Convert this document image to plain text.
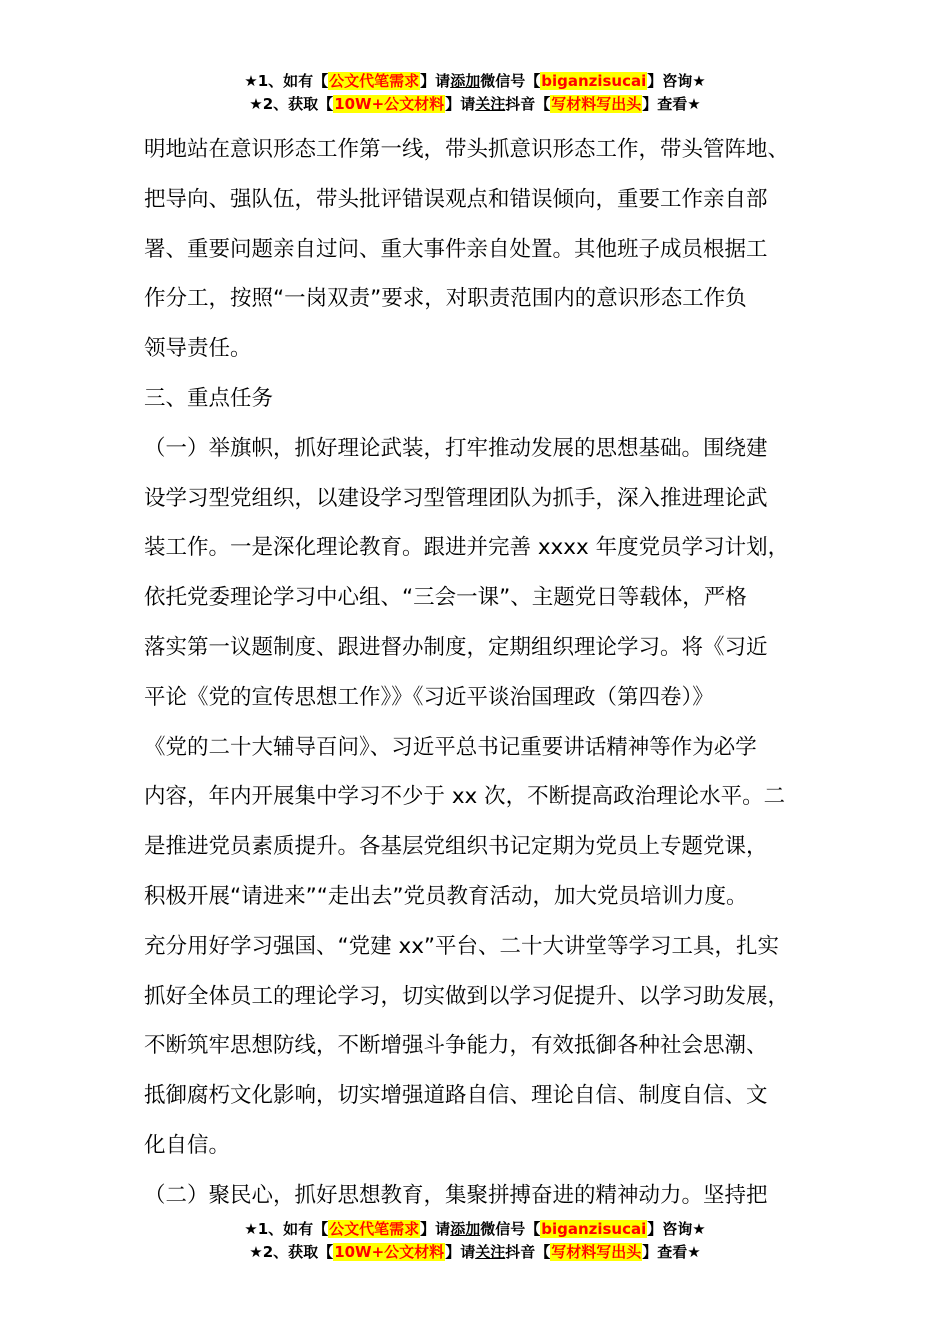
★1、如有【公文代笔需求】请添加微信号【biganzisucai】咨询★
★2、获取【10W+公文材料】请关注抖音【写材料写出头】查看★
明地站在意识形态工作第一线，带头抓意识形态工作，带头管阵地、
把导向、强队伍，带头批评错误观点和错误倾向，重要工作亲自部
署、重要问题亲自过问、重大事件亲自处置。其他班子成员根据工
作分工，按照“一岗双责”要求，对职责范围内的意识形态工作负
领导责任。
三、重点任务
（一）举旗帜，抓好理论武装，打牢推动发展的思想基础。围绕建
设学习型党组织，以建设学习型管理团队为抓手，深入推进理论武
装工作。一是深化理论教育。跟进并完善 xxxx 年度党员学习计划，
依托党委理论学习中心组、“三会一课”、主题党日等载体，严格
落实第一议题制度、跟进督办制度，定期组织理论学习。将《习近
平论《党的宣传思想工作》》《习近平谈治国理政（第四卷）》
《党的二十大辅导百问》、习近平总书记重要讲话精神等作为必学
内容，年内开展集中学习不少于 xx 次，不断提高政治理论水平。二
是推进党员素质提升。各基层党组织书记定期为党员上专题党课，
积极开展“请进来”“走出去”党员教育活动，加大党员培训力度。
充分用好学习强国、“党建 xx”平台、二十大讲堂等学习工具，扎实
抓好全体员工的理论学习，切实做到以学习促提升、以学习助发展，
不断筑牢思想防线，不断增强斗争能力，有效抵御各种社会思潮、
抵御腐朽文化影响，切实增强道路自信、理论自信、制度自信、文
化自信。
（二）聚民心，抓好思想教育，集聚拼搏奋进的精神动力。坚持把
★1、如有【公文代笔需求】请添加微信号【biganzisucai】咨询★
★2、获取【10W+公文材料】请关注抖音【写材料写出头】查看★
